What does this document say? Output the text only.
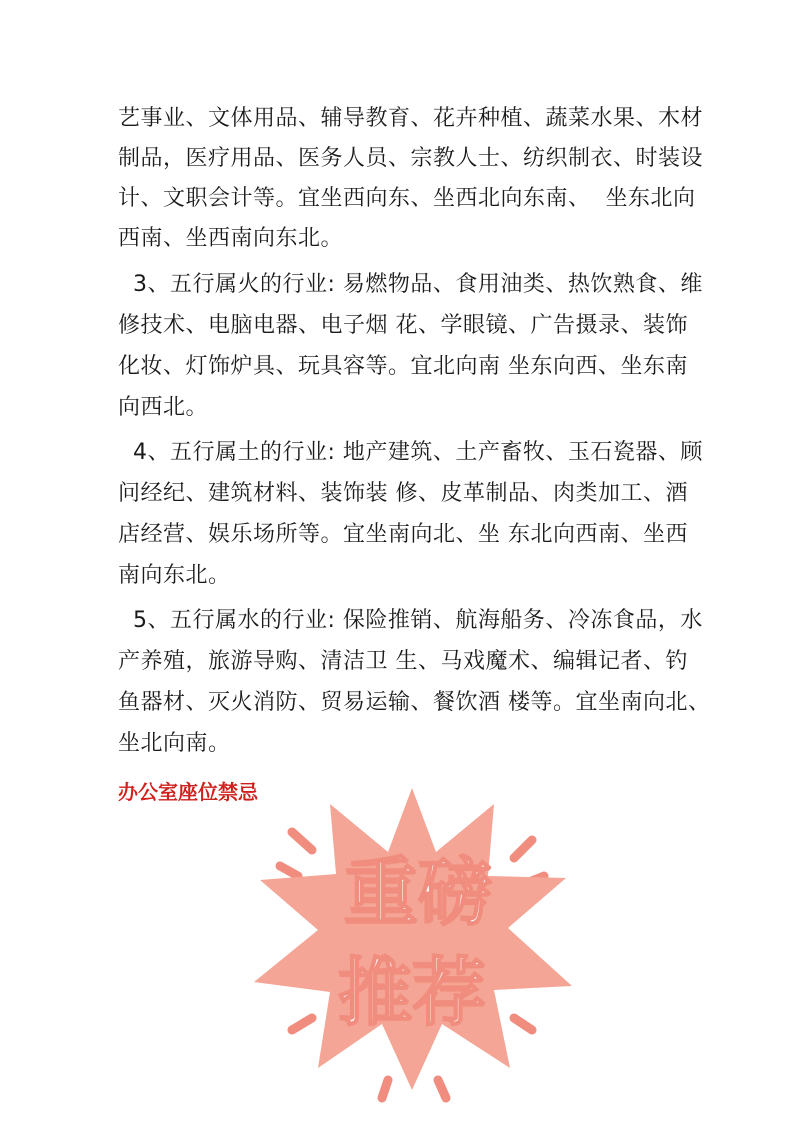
艺事业、文体用品、辅导教育、花卉种植、蔬菜水果、木材
制品，医疗用品、医务人员、宗教人士、纺织制衣、时装设
计、文职会计等。宜坐西向东、坐西北向东南、  坐东北向
西南、坐西南向东北。
3、五行属火的行业: 易燃物品、食用油类、热饮熟食、维
修技术、电脑电器、电子烟 花、学眼镜、广告摄录、装饰
化妆、灯饰炉具、玩具容等。宜北向南 坐东向西、坐东南
向西北。
4、五行属土的行业: 地产建筑、土产畜牧、玉石瓷器、顾
问经纪、建筑材料、装饰装 修、皮革制品、肉类加工、酒
店经营、娱乐场所等。宜坐南向北、坐 东北向西南、坐西
南向东北。
5、五行属水的行业: 保险推销、航海船务、冷冻食品，水
产养殖，旅游导购、清洁卫 生、马戏魔术、编辑记者、钓
鱼器材、灭火消防、贸易运输、餐饮酒 楼等。宜坐南向北、
坐北向南。
办公室座位禁忌
重磅
推荐
